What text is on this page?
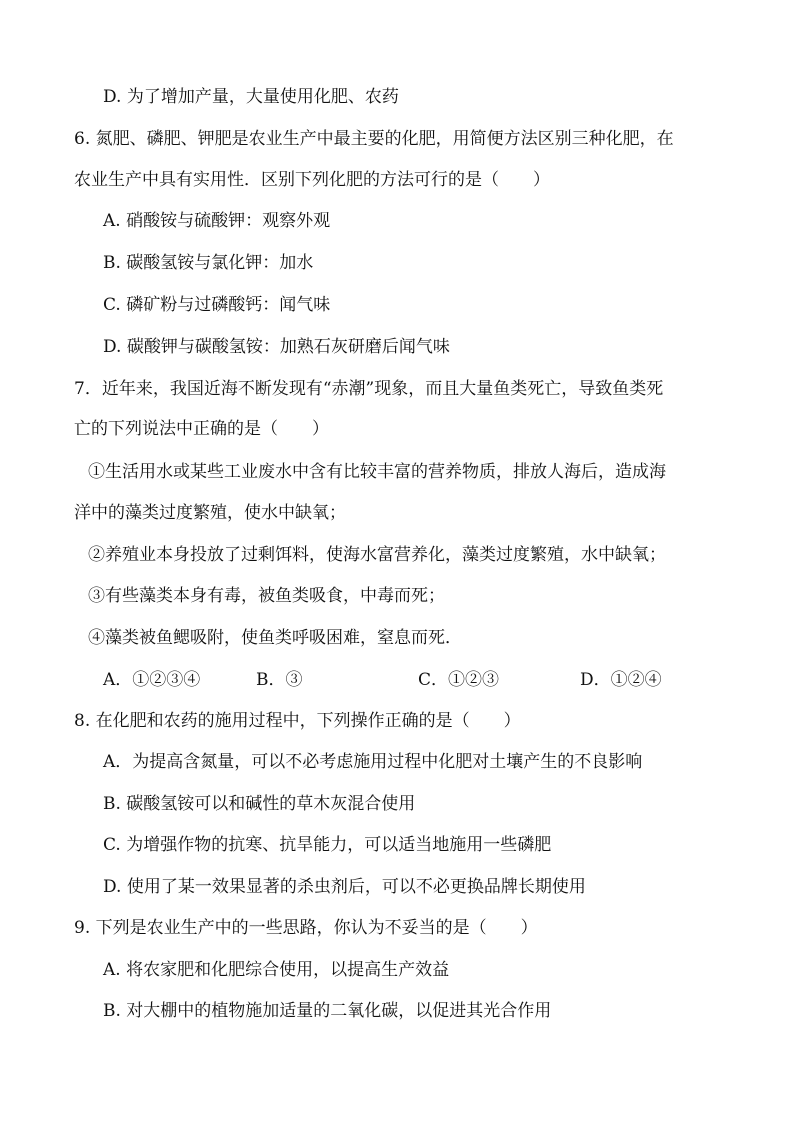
D. 为了增加产量，大量使用化肥、农药
6. 氮肥、磷肥、钾肥是农业生产中最主要的化肥，用简便方法区别三种化肥，在
农业生产中具有实用性．区别下列化肥的方法可行的是（　　）
A. 硝酸铵与硫酸钾：观察外观
B. 碳酸氢铵与氯化钾：加水
C. 磷矿粉与过磷酸钙：闻气味
D. 碳酸钾与碳酸氢铵：加熟石灰研磨后闻气味
7．近年来，我国近海不断发现有“赤潮”现象，而且大量鱼类死亡，导致鱼类死
亡的下列说法中正确的是（　　）
①生活用水或某些工业废水中含有比较丰富的营养物质，排放人海后，造成海
洋中的藻类过度繁殖，使水中缺氧；
②养殖业本身投放了过剩饵料，使海水富营养化，藻类过度繁殖，水中缺氧；
③有些藻类本身有毒，被鱼类吸食，中毒而死；
④藻类被鱼鳃吸附，使鱼类呼吸困难，窒息而死．
A．①②③④	B．③	C．①②③	D．①②④
8. 在化肥和农药的施用过程中，下列操作正确的是（　　）
A．为提高含氮量，可以不必考虑施用过程中化肥对土壤产生的不良影响
B. 碳酸氢铵可以和碱性的草木灰混合使用
C. 为增强作物的抗寒、抗旱能力，可以适当地施用一些磷肥
D. 使用了某一效果显著的杀虫剂后，可以不必更换品牌长期使用
9. 下列是农业生产中的一些思路，你认为不妥当的是（　　）
A. 将农家肥和化肥综合使用，以提高生产效益
B. 对大棚中的植物施加适量的二氧化碳，以促进其光合作用
